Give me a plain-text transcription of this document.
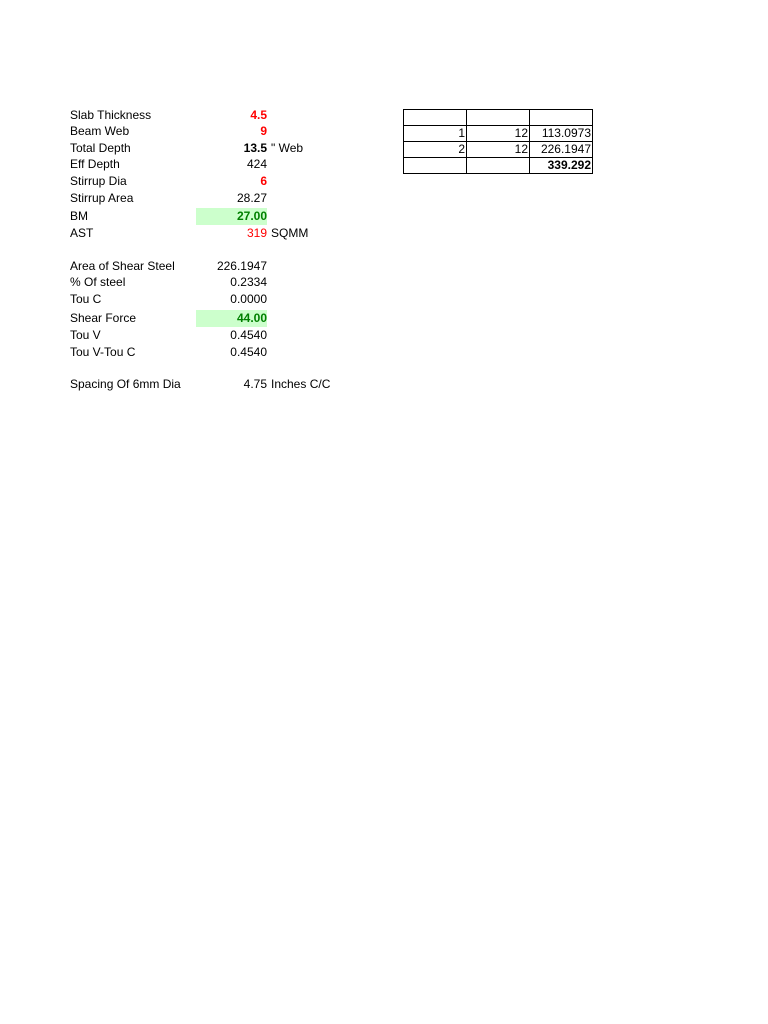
Slab Thickness	4.5
Beam Web	9
Total Depth	13.5 " Web
Eff Depth	424
Stirrup Dia	6
Stirrup Area	28.27
BM	27.00
AST	319 SQMM
Area of Shear Steel	226.1947
% Of steel	0.2334
Tou C	0.0000
Shear Force	44.00
Tou V	0.4540
Tou V-Tou C	0.4540
Spacing Of 6mm Dia	4.75 Inches C/C

1	12	113.0973
2	12	226.1947
		339.292
